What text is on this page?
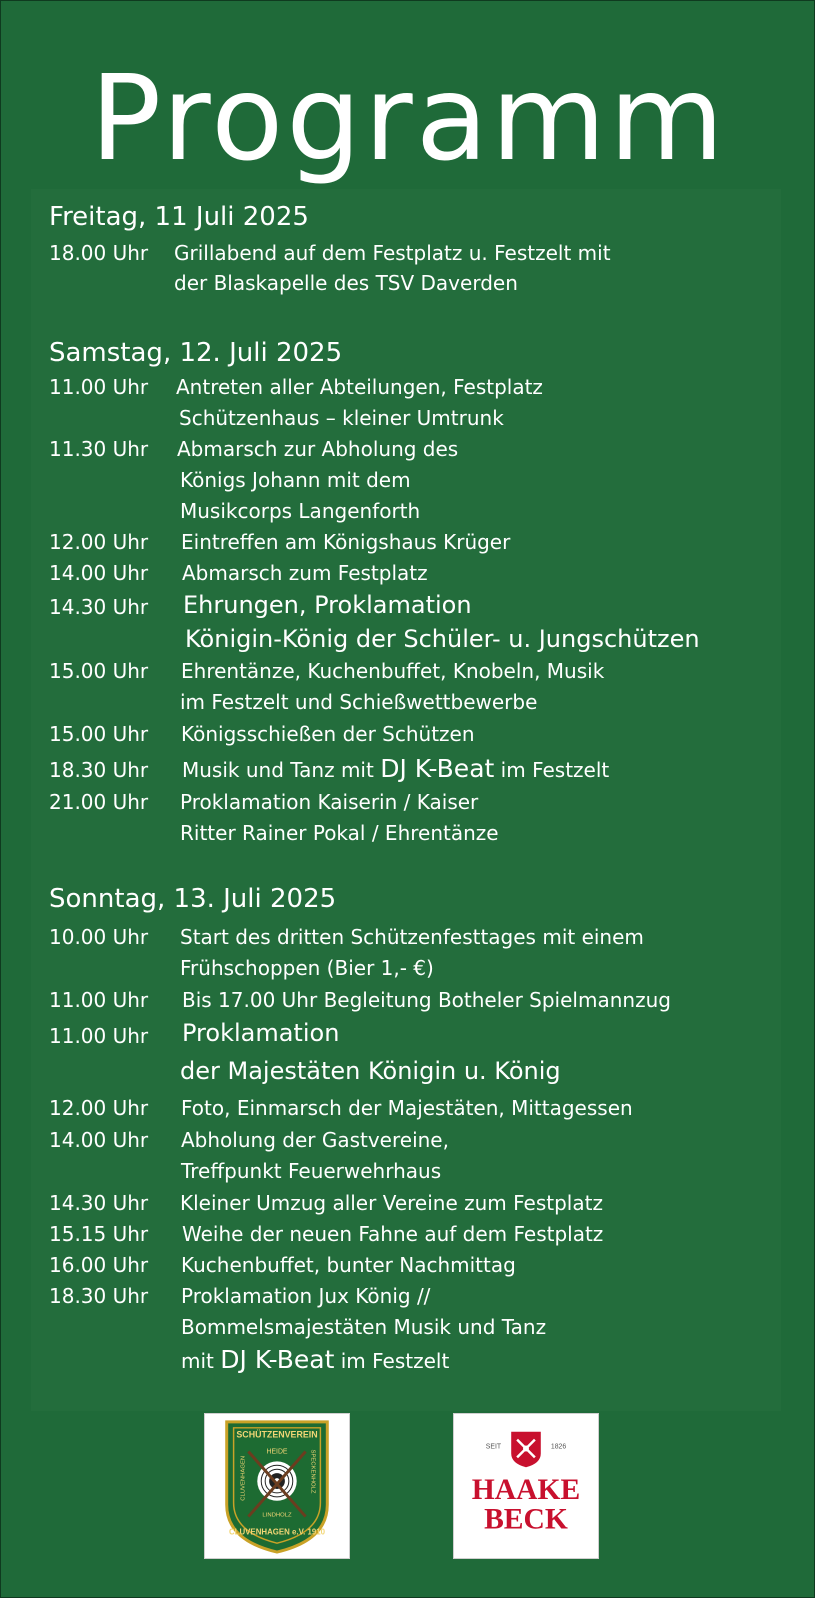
Programm
Freitag, 11 Juli 2025
18.00 Uhr Grillabend auf dem Festplatz u. Festzelt mit
der Blaskapelle des TSV Daverden
Samstag, 12. Juli 2025
11.00 Uhr Antreten aller Abteilungen, Festplatz
Schützenhaus – kleiner Umtrunk
11.30 Uhr Abmarsch zur Abholung des
Königs Johann mit dem
Musikcorps Langenforth
12.00 Uhr Eintreffen am Königshaus Krüger
14.00 Uhr Abmarsch zum Festplatz
14.30 Uhr Ehrungen, Proklamation
Königin-König der Schüler- u. Jungschützen
15.00 Uhr Ehrentänze, Kuchenbuffet, Knobeln, Musik
im Festzelt und Schießwettbewerbe
15.00 Uhr Königsschießen der Schützen
18.30 Uhr Musik und Tanz mit DJ K-Beat im Festzelt
21.00 Uhr Proklamation Kaiserin / Kaiser
Ritter Rainer Pokal / Ehrentänze
Sonntag, 13. Juli 2025
10.00 Uhr Start des dritten Schützenfesttages mit einem
Frühschoppen (Bier 1,- €)
11.00 Uhr Bis 17.00 Uhr Begleitung Botheler Spielmannzug
11.00 Uhr Proklamation
der Majestäten Königin u. König
12.00 Uhr Foto, Einmarsch der Majestäten, Mittagessen
14.00 Uhr Abholung der Gastvereine,
Treffpunkt Feuerwehrhaus
14.30 Uhr Kleiner Umzug aller Vereine zum Festplatz
15.15 Uhr Weihe der neuen Fahne auf dem Festplatz
16.00 Uhr Kuchenbuffet, bunter Nachmittag
18.30 Uhr Proklamation Jux König //
Bommelsmajestäten Musik und Tanz
mit DJ K-Beat im Festzelt
SCHÜTZENVEREIN
HEIDE
CLUVENHAGEN	SPECKENHOLZ
LINDHOLZ
CLUVENHAGEN e.V. 1910
SEIT	1826
HAAKE
BECK
